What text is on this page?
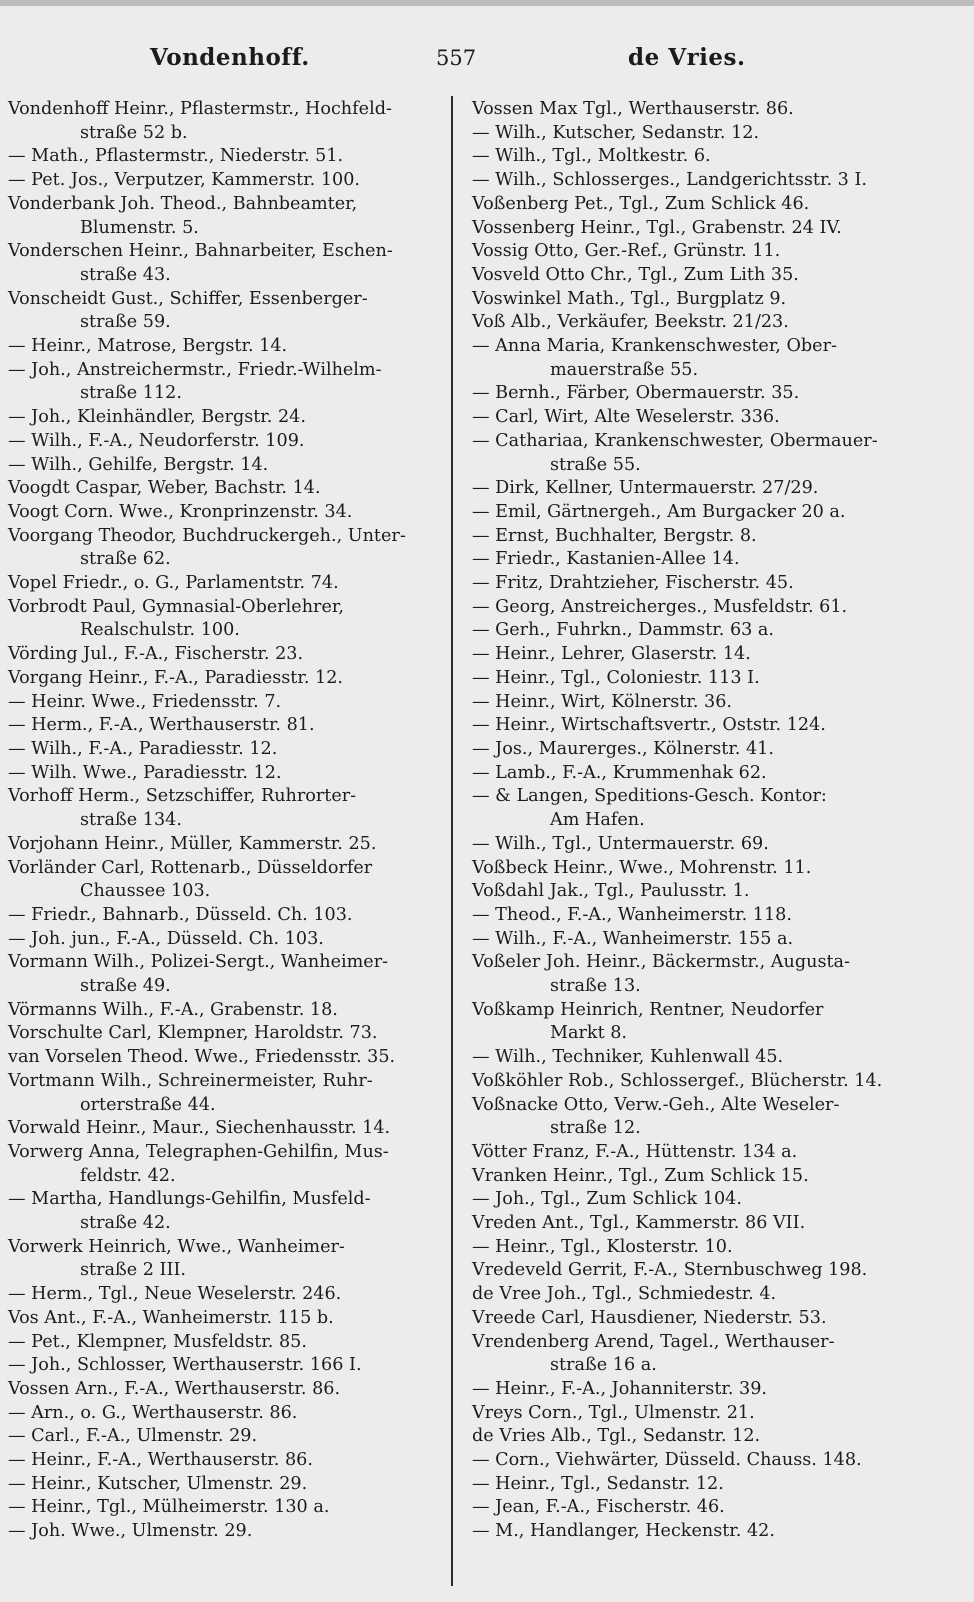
Vondenhoff.	557	de Vries.
Vondenhoff Heinr., Pflastermstr., Hochfeld-
straße 52 b.
— Math., Pflastermstr., Niederstr. 51.
— Pet. Jos., Verputzer, Kammerstr. 100.
Vonderbank Joh. Theod., Bahnbeamter,
Blumenstr. 5.
Vonderschen Heinr., Bahnarbeiter, Eschen-
straße 43.
Vonscheidt Gust., Schiffer, Essenberger-
straße 59.
— Heinr., Matrose, Bergstr. 14.
— Joh., Anstreichermstr., Friedr.-Wilhelm-
straße 112.
— Joh., Kleinhändler, Bergstr. 24.
— Wilh., F.-A., Neudorferstr. 109.
— Wilh., Gehilfe, Bergstr. 14.
Voogdt Caspar, Weber, Bachstr. 14.
Voogt Corn. Wwe., Kronprinzenstr. 34.
Voorgang Theodor, Buchdruckergeh., Unter-
straße 62.
Vopel Friedr., o. G., Parlamentstr. 74.
Vorbrodt Paul, Gymnasial-Oberlehrer,
Realschulstr. 100.
Vörding Jul., F.-A., Fischerstr. 23.
Vorgang Heinr., F.-A., Paradiesstr. 12.
— Heinr. Wwe., Friedensstr. 7.
— Herm., F.-A., Werthauserstr. 81.
— Wilh., F.-A., Paradiesstr. 12.
— Wilh. Wwe., Paradiesstr. 12.
Vorhoff Herm., Setzschiffer, Ruhrorter-
straße 134.
Vorjohann Heinr., Müller, Kammerstr. 25.
Vorländer Carl, Rottenarb., Düsseldorfer
Chaussee 103.
— Friedr., Bahnarb., Düsseld. Ch. 103.
— Joh. jun., F.-A., Düsseld. Ch. 103.
Vormann Wilh., Polizei-Sergt., Wanheimer-
straße 49.
Vörmanns Wilh., F.-A., Grabenstr. 18.
Vorschulte Carl, Klempner, Haroldstr. 73.
van Vorselen Theod. Wwe., Friedensstr. 35.
Vortmann Wilh., Schreinermeister, Ruhr-
orterstraße 44.
Vorwald Heinr., Maur., Siechenhausstr. 14.
Vorwerg Anna, Telegraphen-Gehilfin, Mus-
feldstr. 42.
— Martha, Handlungs-Gehilfin, Musfeld-
straße 42.
Vorwerk Heinrich, Wwe., Wanheimer-
straße 2 III.
— Herm., Tgl., Neue Weselerstr. 246.
Vos Ant., F.-A., Wanheimerstr. 115 b.
— Pet., Klempner, Musfeldstr. 85.
— Joh., Schlosser, Werthauserstr. 166 I.
Vossen Arn., F.-A., Werthauserstr. 86.
— Arn., o. G., Werthauserstr. 86.
— Carl., F.-A., Ulmenstr. 29.
— Heinr., F.-A., Werthauserstr. 86.
— Heinr., Kutscher, Ulmenstr. 29.
— Heinr., Tgl., Mülheimerstr. 130 a.
— Joh. Wwe., Ulmenstr. 29.
Vossen Max Tgl., Werthauserstr. 86.
— Wilh., Kutscher, Sedanstr. 12.
— Wilh., Tgl., Moltkestr. 6.
— Wilh., Schlosserges., Landgerichtsstr. 3 I.
Voßenberg Pet., Tgl., Zum Schlick 46.
Vossenberg Heinr., Tgl., Grabenstr. 24 IV.
Vossig Otto, Ger.-Ref., Grünstr. 11.
Vosveld Otto Chr., Tgl., Zum Lith 35.
Voswinkel Math., Tgl., Burgplatz 9.
Voß Alb., Verkäufer, Beekstr. 21/23.
— Anna Maria, Krankenschwester, Ober-
mauerstraße 55.
— Bernh., Färber, Obermauerstr. 35.
— Carl, Wirt, Alte Weselerstr. 336.
— Cathariaa, Krankenschwester, Obermauer-
straße 55.
— Dirk, Kellner, Untermauerstr. 27/29.
— Emil, Gärtnergeh., Am Burgacker 20 a.
— Ernst, Buchhalter, Bergstr. 8.
— Friedr., Kastanien-Allee 14.
— Fritz, Drahtzieher, Fischerstr. 45.
— Georg, Anstreicherges., Musfeldstr. 61.
— Gerh., Fuhrkn., Dammstr. 63 a.
— Heinr., Lehrer, Glaserstr. 14.
— Heinr., Tgl., Coloniestr. 113 I.
— Heinr., Wirt, Kölnerstr. 36.
— Heinr., Wirtschaftsvertr., Oststr. 124.
— Jos., Maurerges., Kölnerstr. 41.
— Lamb., F.-A., Krummenhak 62.
— & Langen, Speditions-Gesch. Kontor:
Am Hafen.
— Wilh., Tgl., Untermauerstr. 69.
Voßbeck Heinr., Wwe., Mohrenstr. 11.
Voßdahl Jak., Tgl., Paulusstr. 1.
— Theod., F.-A., Wanheimerstr. 118.
— Wilh., F.-A., Wanheimerstr. 155 a.
Voßeler Joh. Heinr., Bäckermstr., Augusta-
straße 13.
Voßkamp Heinrich, Rentner, Neudorfer
Markt 8.
— Wilh., Techniker, Kuhlenwall 45.
Voßköhler Rob., Schlossergef., Blücherstr. 14.
Voßnacke Otto, Verw.-Geh., Alte Weseler-
straße 12.
Vötter Franz, F.-A., Hüttenstr. 134 a.
Vranken Heinr., Tgl., Zum Schlick 15.
— Joh., Tgl., Zum Schlick 104.
Vreden Ant., Tgl., Kammerstr. 86 VII.
— Heinr., Tgl., Klosterstr. 10.
Vredeveld Gerrit, F.-A., Sternbuschweg 198.
de Vree Joh., Tgl., Schmiedestr. 4.
Vreede Carl, Hausdiener, Niederstr. 53.
Vrendenberg Arend, Tagel., Werthauser-
straße 16 a.
— Heinr., F.-A., Johanniterstr. 39.
Vreys Corn., Tgl., Ulmenstr. 21.
de Vries Alb., Tgl., Sedanstr. 12.
— Corn., Viehwärter, Düsseld. Chauss. 148.
— Heinr., Tgl., Sedanstr. 12.
— Jean, F.-A., Fischerstr. 46.
— M., Handlanger, Heckenstr. 42.
